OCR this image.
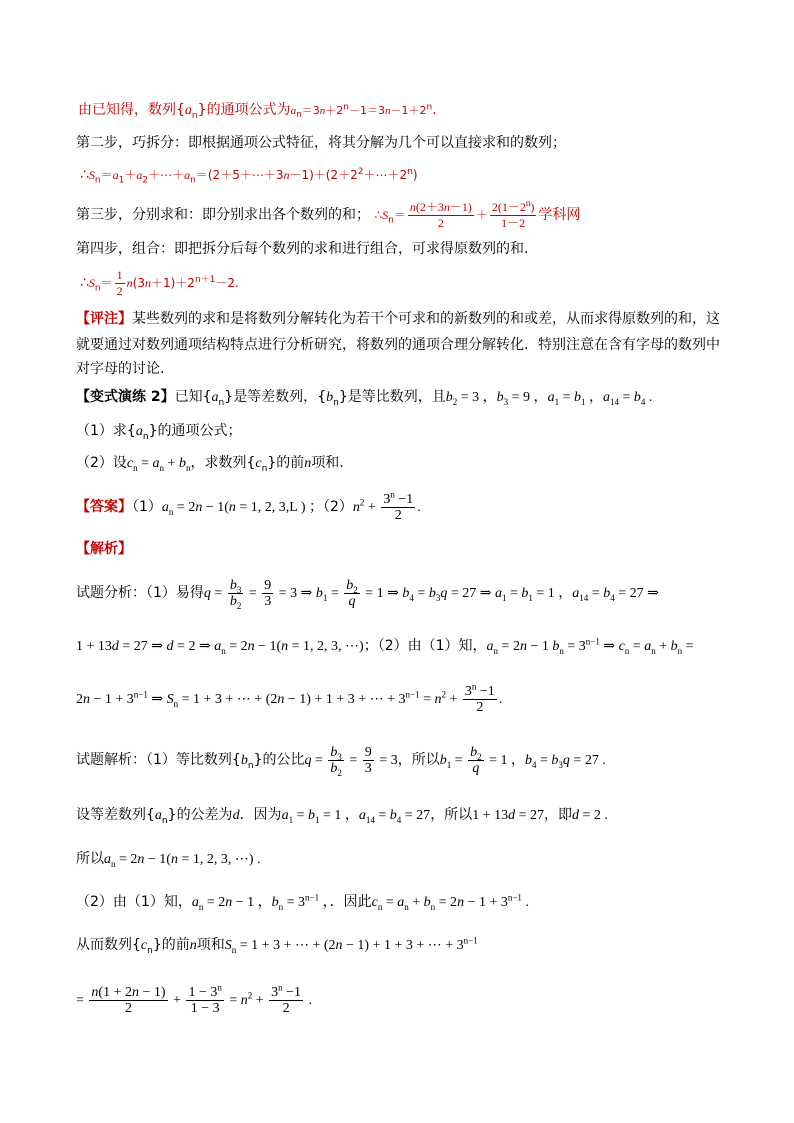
由已知得，数列$\{a_n\}$的通项公式为$a_n=3n+2^n-1=3n-1+2^n$.
第二步，巧拆分：即根据通项公式特征，将其分解为几个可以直接求和的数列；
$\therefore S_n=a_1+a_2+\cdots+a_n=(2+5+\cdots+3n-1)+(2+2^2+\cdots+2^n)$
第三步，分别求和：即分别求出各个数列的和； $\therefore S_n= \frac{n(2+3n-1)}{2} + \frac{2(1-2^n)}{1-2}$ 学科网
第四步，组合：即把拆分后每个数列的求和进行组合，可求得原数列的和.
$\therefore S_n= \frac{1}{2} n(3n+1)+2^{n+1}-2$.
【评注】某些数列的求和是将数列分解转化为若干个可求和的新数列的和或差，从而求得原数列的和，这
就要通过对数列通项结构特点进行分析研究，将数列的通项合理分解转化．特别注意在含有字母的数列中
对字母的讨论.
【变式演练 2】已知$\{a_n\}$是等差数列，$\{b_n\}$是等比数列，且$b_2 = 3$ ，$b_3 = 9$ ，$a_1 = b_1$ ，$a_{14} = b_4$ .
（1）求$\{a_n\}$的通项公式；
（2）设$c_n = a_n + b_n$，求数列$\{c_n\}$的前n项和.
【答案】$(1)a_n = 2n - 1(n = 1$, 2, 3,L ) ；$(2)n^2 + \frac{3^n -1}{2}$ .
【解析】
试题分析：（1）易得$q = \frac{b_3}{b_2} = \frac{9}{3} = 3$ ⇒ $b_1 = \frac{b_2}{q} = 1$ ⇒ $b_4 = b_3q = 27$ ⇒ $a_1 = b_1 = 1$ ，$a_{14} = b_4 = 27$ ⇒
1 + 13d = 27 ⇒ d = 2 ⇒ $a_n = 2n - 1(n = 1$, 2, 3, ⋯)；（2）由（1）知，$a_n = 2n - 1$ $b_n = 3^{n-1}$ ⇒ $c_n = a_n + b_n$ =
$2n - 1 + 3^{n-1}$ ⇒ $S_n = 1 + 3$ + ⋯ + (2n − 1) + 1 + 3 + ⋯ + $3^{n-1} = n^2 + \frac{3^n -1}{2}$ .
试题解析：（1）等比数列$\{b_n\}$的公比$q = \frac{b_3}{b_2} = \frac{9}{3} = 3$，所以$b_1 = \frac{b_2}{q} = 1$ ，$b_4 = b_3q = 27$ .
设等差数列$\{a_n\}$的公差为d．因为$a_1 = b_1 = 1$ ，$a_{14} = b_4 = 27$，所以1 + 13d = 27，即d = 2 .
所以$a_n = 2n - 1(n = 1$, 2, 3, ⋯) .
（2）由（1）知，$a_n = 2n - 1$ ，$b_n = 3^{n-1}$ ，．因此$c_n = a_n + b_n = 2n - 1 + 3^{n-1}$ .
从而数列$\{c_n\}$的前n项和$S_n = 1 + 3$ + ⋯ + (2n − 1) + 1 + 3 + ⋯ + $3^{n-1}$
= $\frac{n(1 + 2n - 1)}{2} + \frac{1 - 3^n}{1 - 3} = n^2 + \frac{3^n -1}{2}$ .
